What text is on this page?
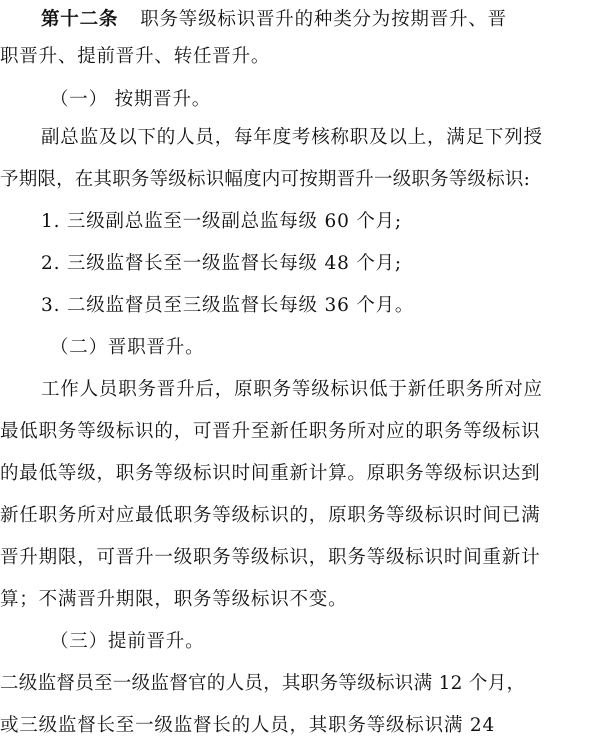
第十二条 职务等级标识晋升的种类分为按期晋升、晋
职晋升、提前晋升、转任晋升。
（一） 按期晋升。
副总监及以下的人员，每年度考核称职及以上，满足下列授
予期限，在其职务等级标识幅度内可按期晋升一级职务等级标识:
1. 三级副总监至一级副总监每级 60 个月;
2. 三级监督长至一级监督长每级 48 个月;
3. 二级监督员至三级监督长每级 36 个月。
（二）晋职晋升。
工作人员职务晋升后，原职务等级标识低于新任职务所对应
最低职务等级标识的，可晋升至新任职务所对应的职务等级标识
的最低等级，职务等级标识时间重新计算。原职务等级标识达到
新任职务所对应最低职务等级标识的，原职务等级标识时间已满
晋升期限，可晋升一级职务等级标识，职务等级标识时间重新计
算；不满晋升期限，职务等级标识不变。
（三）提前晋升。
二级监督员至一级监督官的人员，其职务等级标识满 12 个月，
或三级监督长至一级监督长的人员，其职务等级标识满 24
